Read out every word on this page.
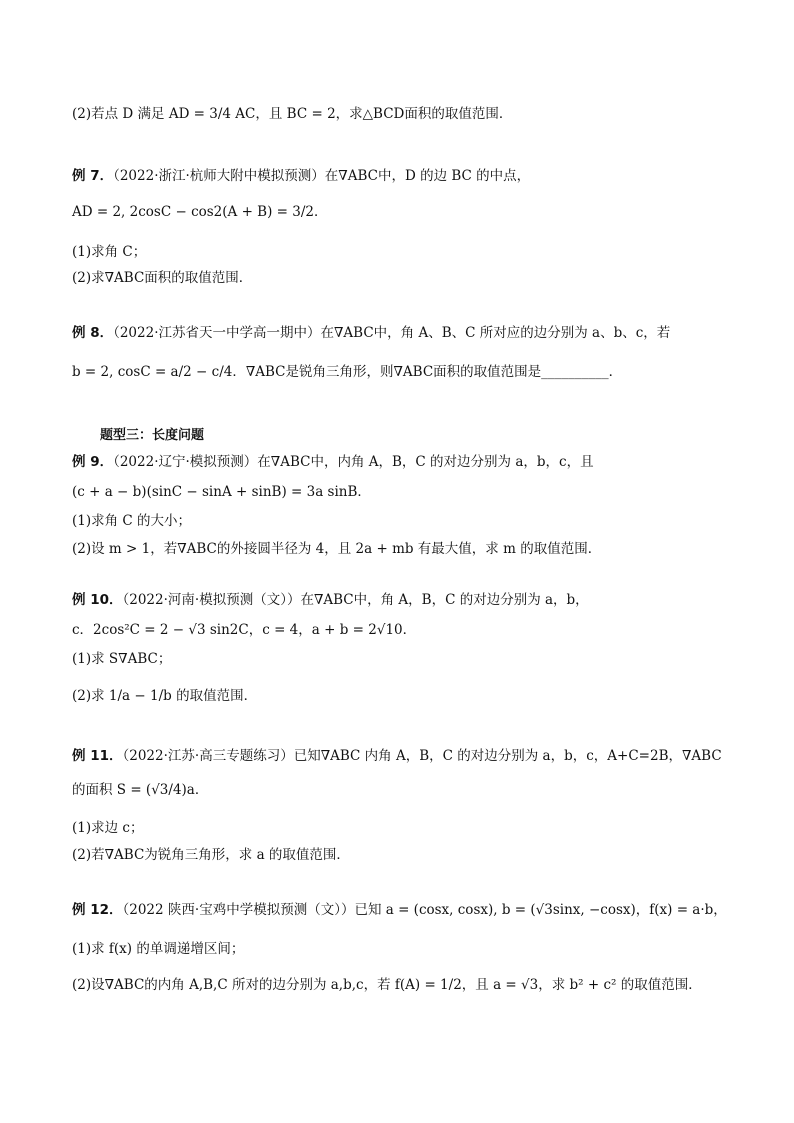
(2)若点 D 满足 AD = 3/4 AC，且 BC = 2，求△BCD面积的取值范围．
例 7．（2022·浙江·杭师大附中模拟预测）在∇ABC中，D 的边 BC 的中点，
AD = 2, 2cosC − cos2(A + B) = 3/2．
(1)求角 C；
(2)求∇ABC面积的取值范围．
例 8．（2022·江苏省天一中学高一期中）在∇ABC中，角 A、B、C 所对应的边分别为 a、b、c，若
b = 2, cosC = a/2 − c/4．∇ABC是锐角三角形，则∇ABC面积的取值范围是__________．
题型三：长度问题
例 9．（2022·辽宁·模拟预测）在∇ABC中，内角 A，B，C 的对边分别为 a，b，c，且
(c + a − b)(sinC − sinA + sinB) = 3a sinB．
(1)求角 C 的大小；
(2)设 m > 1，若∇ABC的外接圆半径为 4，且 2a + mb 有最大值，求 m 的取值范围．
例 10．（2022·河南·模拟预测（文））在∇ABC中，角 A，B，C 的对边分别为 a，b，
c．2cos²C = 2 − √3 sin2C，c = 4，a + b = 2√10．
(1)求 S∇ABC；
(2)求 1/a − 1/b 的取值范围．
例 11．（2022·江苏·高三专题练习）已知∇ABC 内角 A，B，C 的对边分别为 a，b，c，A+C=2B，∇ABC
的面积 S = (√3/4)a．
(1)求边 c；
(2)若∇ABC为锐角三角形，求 a 的取值范围．
例 12．（2022 陕西·宝鸡中学模拟预测（文））已知 a = (cosx, cosx), b = (√3sinx, −cosx)，f(x) = a·b，
(1)求 f(x) 的单调递增区间；
(2)设∇ABC的内角 A,B,C 所对的边分别为 a,b,c，若 f(A) = 1/2，且 a = √3，求 b² + c² 的取值范围．
